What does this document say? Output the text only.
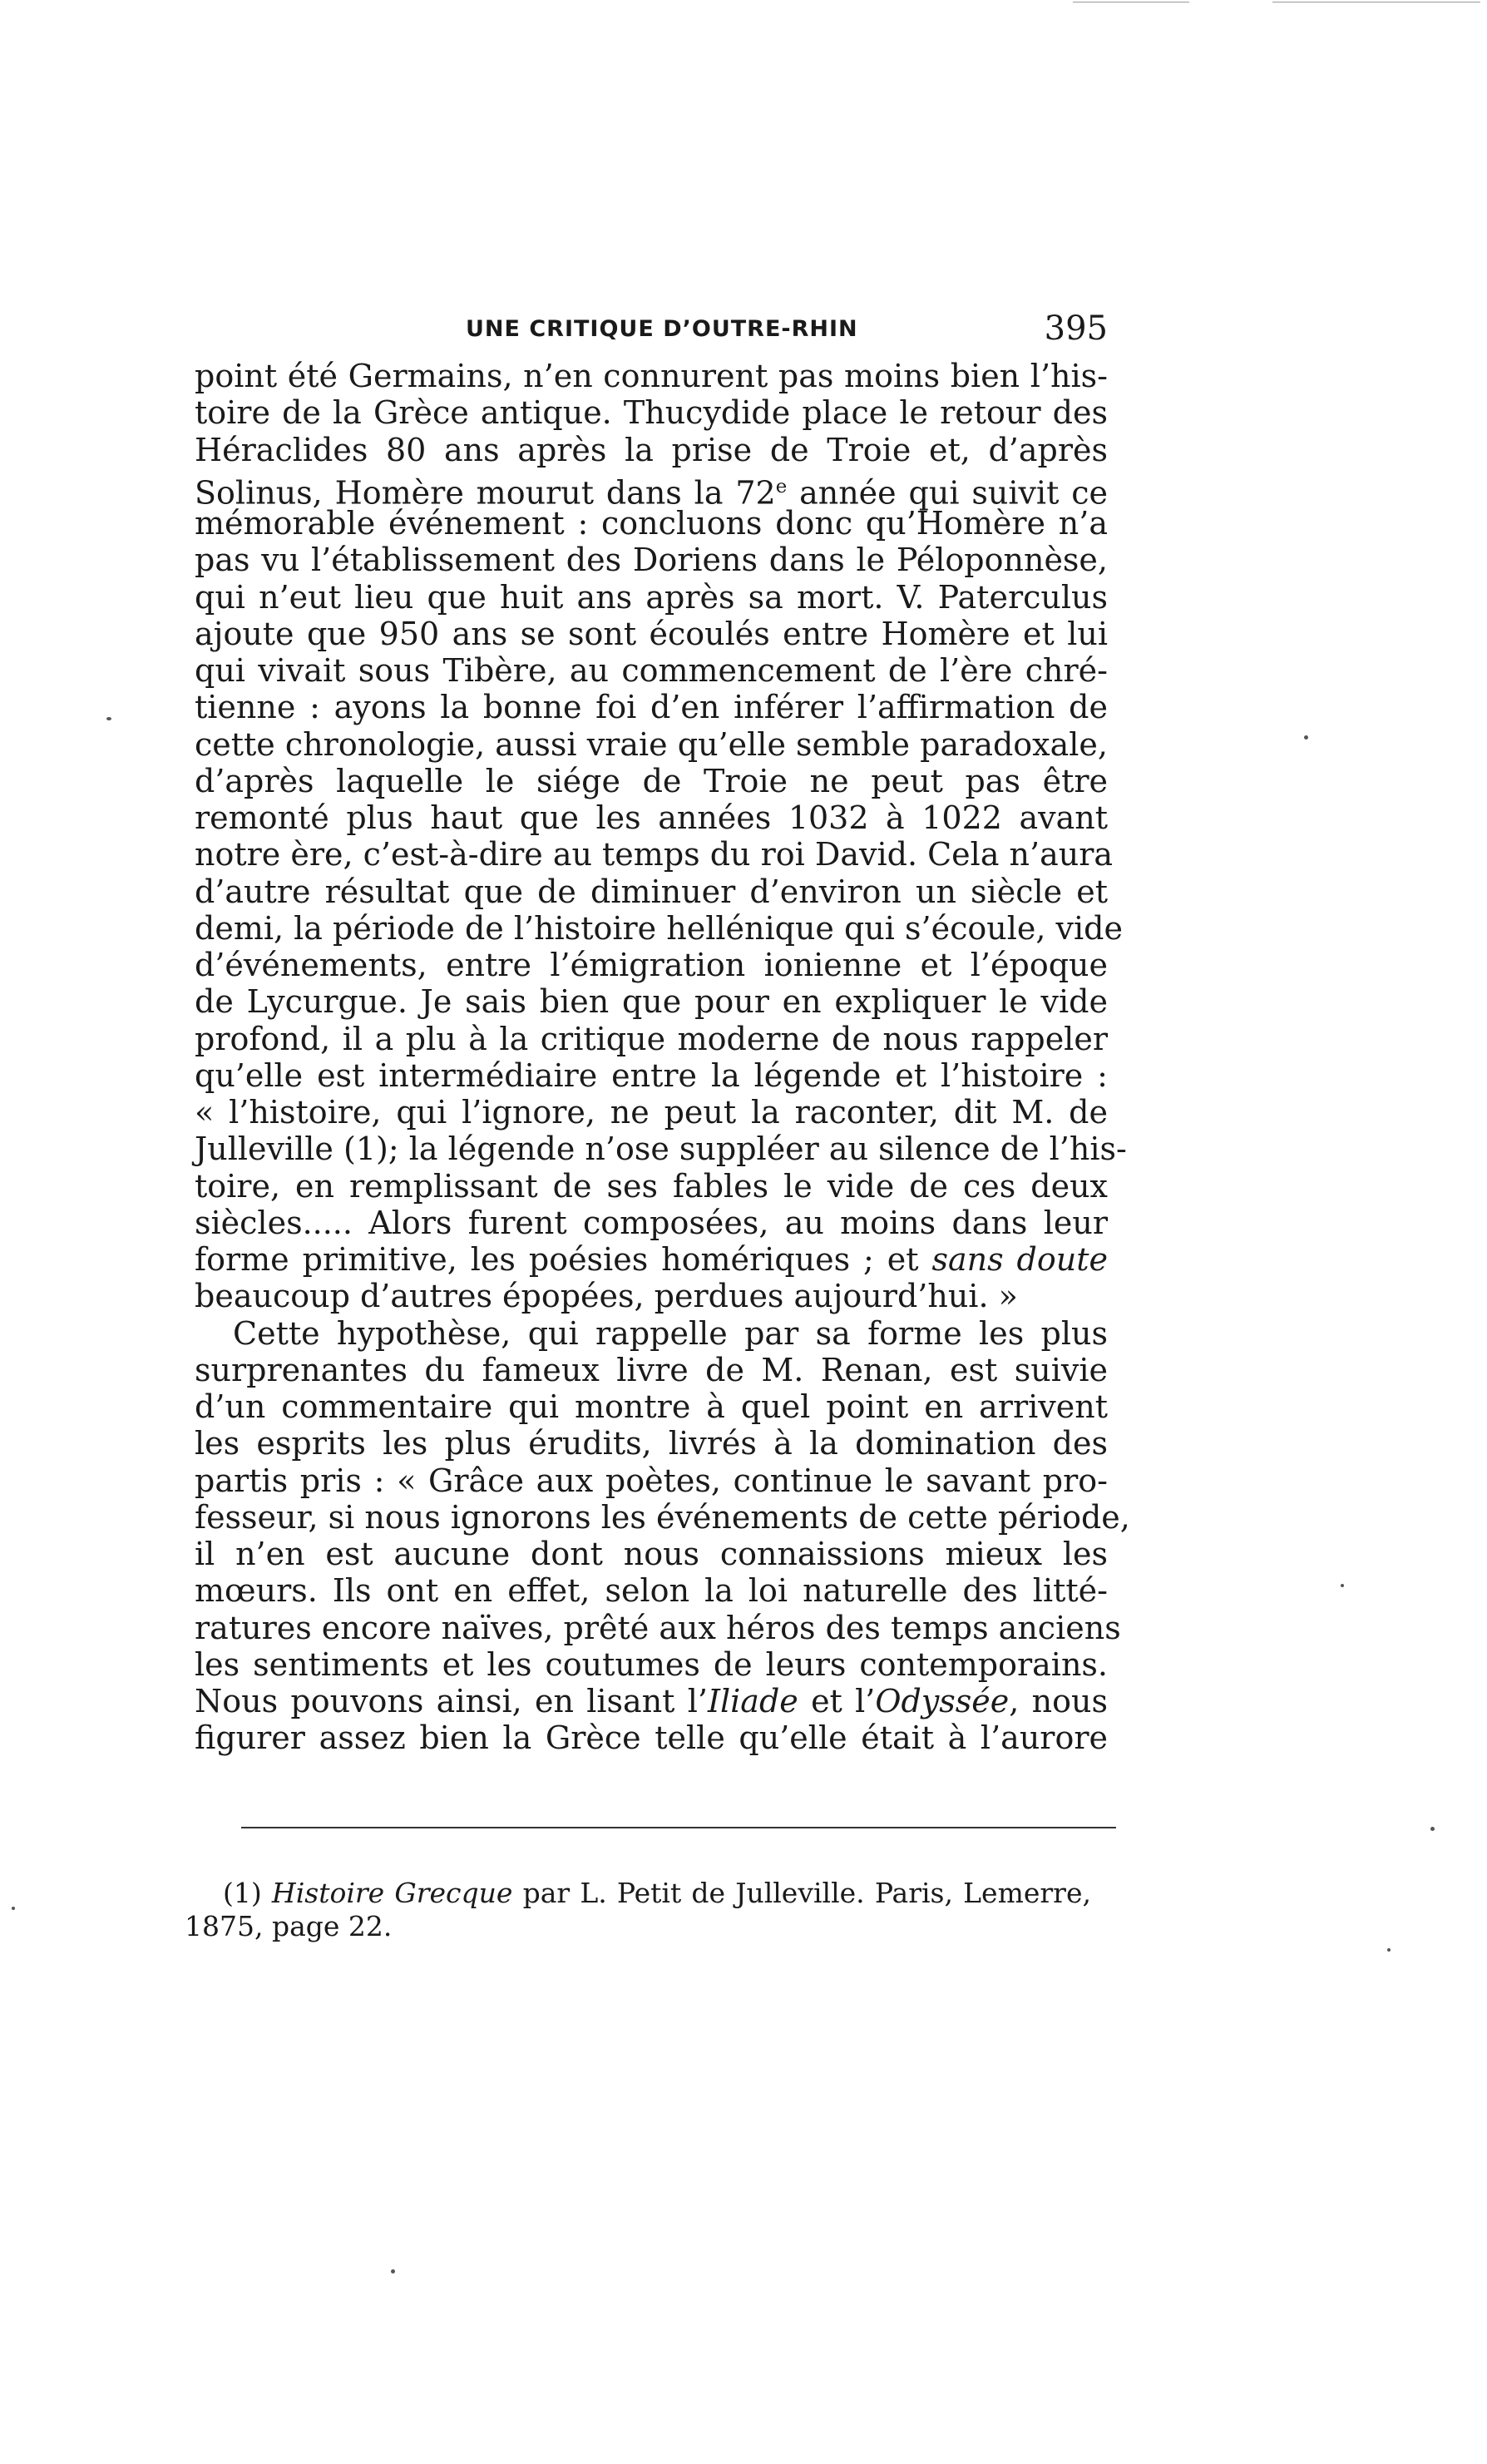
UNE CRITIQUE D’OUTRE-RHIN	395
point été Germains, n’en connurent pas moins bien l’his-
toire de la Grèce antique. Thucydide place le retour des
Héraclides 80 ans après la prise de Troie et, d’après
Solinus, Homère mourut dans la 72e année qui suivit ce
mémorable événement : concluons donc qu’Homère n’a
pas vu l’établissement des Doriens dans le Péloponnèse,
qui n’eut lieu que huit ans après sa mort. V. Paterculus
ajoute que 950 ans se sont écoulés entre Homère et lui
qui vivait sous Tibère, au commencement de l’ère chré-
tienne : ayons la bonne foi d’en inférer l’affirmation de
cette chronologie, aussi vraie qu’elle semble paradoxale,
d’après laquelle le siége de Troie ne peut pas être
remonté plus haut que les années 1032 à 1022 avant
notre ère, c’est-à-dire au temps du roi David. Cela n’aura
d’autre résultat que de diminuer d’environ un siècle et
demi, la période de l’histoire hellénique qui s’écoule, vide
d’événements, entre l’émigration ionienne et l’époque
de Lycurgue. Je sais bien que pour en expliquer le vide
profond, il a plu à la critique moderne de nous rappeler
qu’elle est intermédiaire entre la légende et l’histoire :
« l’histoire, qui l’ignore, ne peut la raconter, dit M. de
Julleville (1); la légende n’ose suppléer au silence de l’his-
toire, en remplissant de ses fables le vide de ces deux
siècles..... Alors furent composées, au moins dans leur
forme primitive, les poésies homériques ; et sans doute
beaucoup d’autres épopées, perdues aujourd’hui. »
Cette hypothèse, qui rappelle par sa forme les plus
surprenantes du fameux livre de M. Renan, est suivie
d’un commentaire qui montre à quel point en arrivent
les esprits les plus érudits, livrés à la domination des
partis pris : « Grâce aux poètes, continue le savant pro-
fesseur, si nous ignorons les événements de cette période,
il n’en est aucune dont nous connaissions mieux les
mœurs. Ils ont en effet, selon la loi naturelle des litté-
ratures encore naïves, prêté aux héros des temps anciens
les sentiments et les coutumes de leurs contemporains.
Nous pouvons ainsi, en lisant l’Iliade et l’Odyssée, nous
figurer assez bien la Grèce telle qu’elle était à l’aurore
(1) Histoire Grecque par L. Petit de Julleville. Paris, Lemerre,
1875, page 22.
